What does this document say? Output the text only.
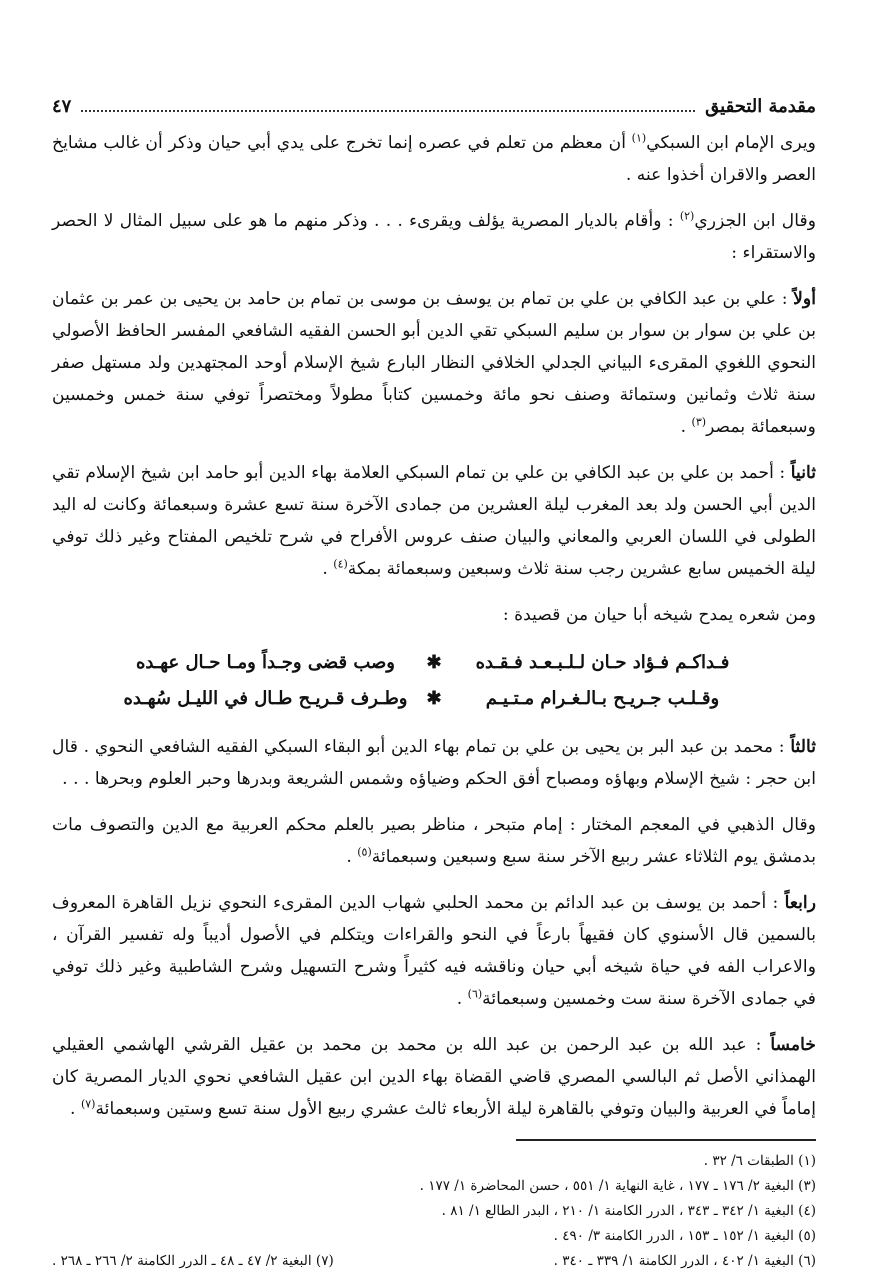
مقدمة التحقيق
٤٧

ويرى الإمام ابن السبكي$^{(١)}$ أن معظم من تعلم في عصره إنما تخرج على يدي أبي حيان وذكر أن غالب مشايخ العصر والاقران أخذوا عنه .

وقال ابن الجزري$^{(٢)}$ : وأقام بالديار المصرية يؤلف ويقرىء . . . وذكر منهم ما هو على سبيل المثال لا الحصر والاستقراء :

أولاً : علي بن عبد الكافي بن علي بن تمام بن يوسف بن موسى بن تمام بن حامد بن يحيى بن عمر بن عثمان بن علي بن سوار بن سوار بن سليم السبكي تقي الدين أبو الحسن الفقيه الشافعي المفسر الحافظ الأصولي النحوي اللغوي المقرىء البياني الجدلي الخلافي النظار البارع شيخ الإسلام أوحد المجتهدين ولد مستهل صفر سنة ثلاث وثمانين وستمائة وصنف نحو مائة وخمسين كتاباً مطولاً ومختصراً توفي سنة خمس وخمسين وسبعمائة بمصر$^{(٣)}$ .

ثانياً : أحمد بن علي بن عبد الكافي بن علي بن تمام السبكي العلامة بهاء الدين أبو حامد ابن شيخ الإسلام تقي الدين أبي الحسن ولد بعد المغرب ليلة العشرين من جمادى الآخرة سنة تسع عشرة وسبعمائة وكانت له اليد الطولى في اللسان العربي والمعاني والبيان صنف عروس الأفراح في شرح تلخيص المفتاح وغير ذلك توفي ليلة الخميس سابع عشرين رجب سنة ثلاث وسبعين وسبعمائة بمكة$^{(٤)}$ .

ومن شعره يمدح شيخه أبا حيان من قصيدة :

فـداكـم فـؤاد حـان لـلـبـعـد فـقـده
✱
وصب قضى وجـداً ومـا حـال عهـده
وقـلـب جـريـح بـالـغـرام مـتـيـم
✱
وطـرف قـريـح طـال في الليـل سُهـده

ثالثاً : محمد بن عبد البر بن يحيى بن علي بن تمام بهاء الدين أبو البقاء السبكي الفقيه الشافعي النحوي . قال ابن حجر : شيخ الإسلام وبهاؤه ومصباح أفق الحكم وضياؤه وشمس الشريعة وبدرها وحبر العلوم وبحرها . . .

وقال الذهبي في المعجم المختار : إمام متبحر ، مناظر بصير بالعلم محكم العربية مع الدين والتصوف مات بدمشق يوم الثلاثاء عشر ربيع الآخر سنة سبع وسبعين وسبعمائة$^{(٥)}$ .

رابعاً : أحمد بن يوسف بن عبد الدائم بن محمد الحلبي شهاب الدين المقرىء النحوي نزيل القاهرة المعروف بالسمين قال الأسنوي كان فقيهاً بارعاً في النحو والقراءات ويتكلم في الأصول أديباً وله تفسير القرآن ، والاعراب الفه في حياة شيخه أبي حيان وناقشه فيه كثيراً وشرح التسهيل وشرح الشاطبية وغير ذلك توفي في جمادى الآخرة سنة ست وخمسين وسبعمائة$^{(٦)}$ .

خامساً : عبد الله بن عبد الرحمن بن عبد الله بن محمد بن محمد بن عقيل القرشي الهاشمي العقيلي الهمذاني الأصل ثم البالسي المصري قاضي القضاة بهاء الدين ابن عقيل الشافعي نحوي الديار المصرية كان إماماً في العربية والبيان وتوفي بالقاهرة ليلة الأربعاء ثالث عشري ربيع الأول سنة تسع وستين وسبعمائة$^{(٧)}$ .

(١) الطبقات ٦/ ٣٢ .
(٣) البغية ٢/ ١٧٦ ـ ١٧٧ ، غاية النهاية ١/ ٥٥١ ، حسن المحاضرة ١/ ١٧٧ .
(٤) البغية ١/ ٣٤٢ ـ ٣٤٣ ، الدرر الكامنة ١/ ٢١٠ ، البدر الطالع ١/ ٨١ .
(٥) البغية ١/ ١٥٢ ـ ١٥٣ ، الدرر الكامنة ٣/ ٤٩٠ .
(٦) البغية ١/ ٤٠٢ ، الدرر الكامنة ١/ ٣٣٩ ـ ٣٤٠ .
(٧) البغية ٢/ ٤٧ ـ ٤٨ ـ الدرر الكامنة ٢/ ٢٦٦ ـ ٢٦٨ .
